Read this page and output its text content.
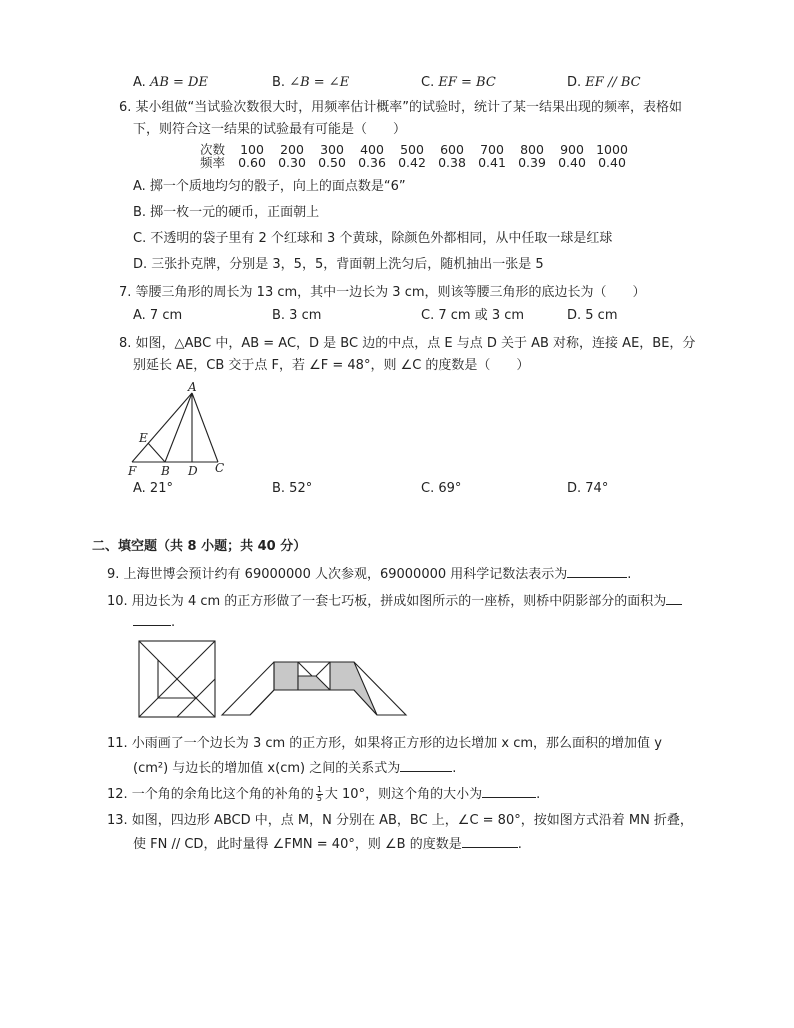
A. AB = DE	B. ∠B = ∠E	C. EF = BC	D. EF // BC
6. 某小组做“当试验次数很大时，用频率估计概率”的试验时，统计了某一结果出现的频率，表格如
下，则符合这一结果的试验最有可能是（　　）
次数	100	200	300	400	500	600	700	800	900 1000
频率	0.60 0.30 0.50 0.36 0.42 0.38 0.41 0.39 0.40 0.40
A. 掷一个质地均匀的骰子，向上的面点数是“6”
B. 掷一枚一元的硬币，正面朝上
C. 不透明的袋子里有 2 个红球和 3 个黄球，除颜色外都相同，从中任取一球是红球
D. 三张扑克牌，分别是 3，5，5，背面朝上洗匀后，随机抽出一张是 5
7. 等腰三角形的周长为 13 cm，其中一边长为 3 cm，则该等腰三角形的底边长为（　　）
A. 7 cm	B. 3 cm	C. 7 cm 或 3 cm	D. 5 cm
8. 如图，△ABC 中，AB = AC，D 是 BC 边的中点，点 E 与点 D 关于 AB 对称，连接 AE，BE，分
别延长 AE，CB 交于点 F，若 ∠F = 48°，则 ∠C 的度数是（　　）
A
E
F B D C
A. 21°	B. 52°	C. 69°	D. 74°
二、填空题（共 8 小题；共 40 分）
9. 上海世博会预计约有 69000000 人次参观，69000000 用科学记数法表示为	.
10. 用边长为 4 cm 的正方形做了一套七巧板，拼成如图所示的一座桥，则桥中阴影部分的面积为
.
11. 小雨画了一个边长为 3 cm 的正方形，如果将正方形的边长增加 x cm，那么面积的增加值 y
(cm²) 与边长的增加值 x(cm) 之间的关系式为	.
12. 一个角的余角比这个角的补角的 $\frac{1}{5}$ 大 10°，则这个角的大小为	.
13. 如图，四边形 ABCD 中，点 M，N 分别在 AB，BC 上，∠C = 80°，按如图方式沿着 MN 折叠，
使 FN // CD，此时量得 ∠FMN = 40°，则 ∠B 的度数是	.
